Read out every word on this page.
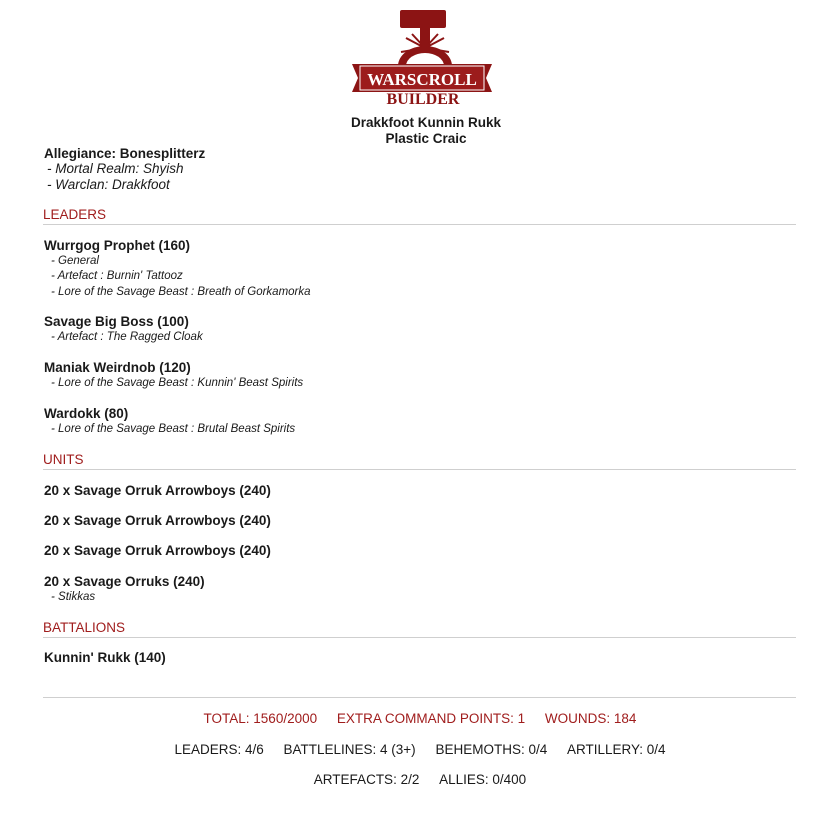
WARSCROLL
BUILDER
Drakkfoot Kunnin Rukk
Plastic Craic
Allegiance: Bonesplitterz
- Mortal Realm: Shyish
- Warclan: Drakkfoot
LEADERS
Wurrgog Prophet (160)
- General
- Artefact : Burnin' Tattooz
- Lore of the Savage Beast : Breath of Gorkamorka
Savage Big Boss (100)
- Artefact : The Ragged Cloak
Maniak Weirdnob (120)
- Lore of the Savage Beast : Kunnin' Beast Spirits
Wardokk (80)
- Lore of the Savage Beast : Brutal Beast Spirits
UNITS
20 x Savage Orruk Arrowboys (240)
20 x Savage Orruk Arrowboys (240)
20 x Savage Orruk Arrowboys (240)
20 x Savage Orruks (240)
- Stikkas
BATTALIONS
Kunnin' Rukk (140)
TOTAL: 1560/2000 EXTRA COMMAND POINTS: 1 WOUNDS: 184
LEADERS: 4/6 BATTLELINES: 4 (3+) BEHEMOTHS: 0/4 ARTILLERY: 0/4
ARTEFACTS: 2/2 ALLIES: 0/400
